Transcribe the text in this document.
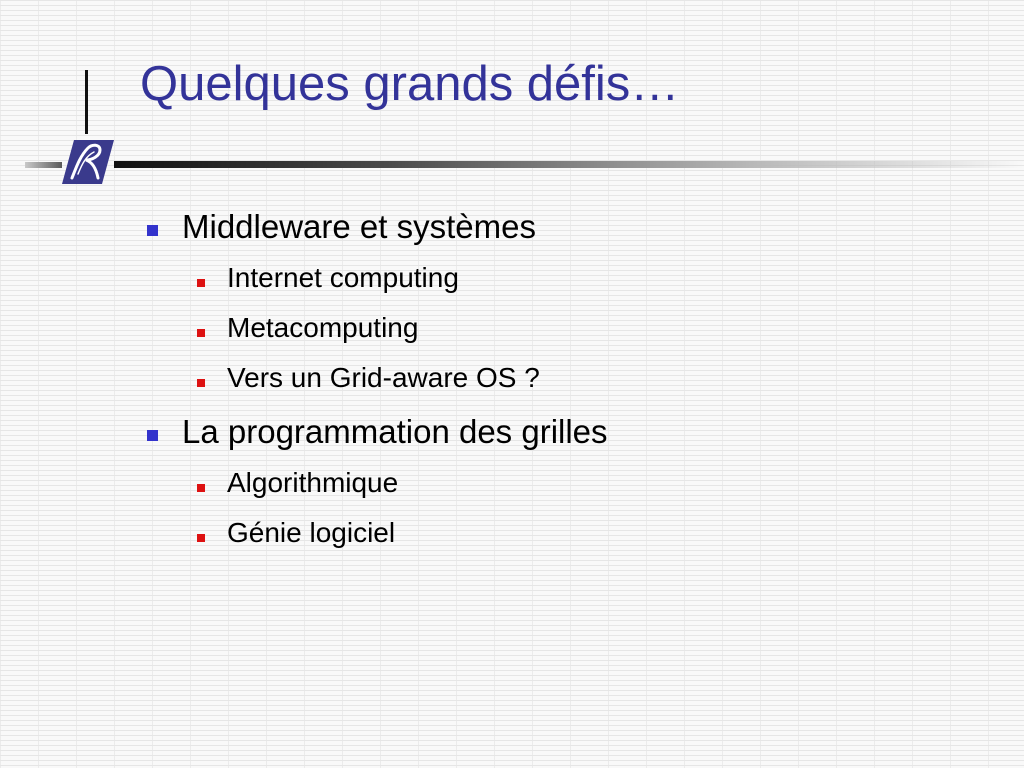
Quelques grands défis…
Middleware et systèmes
Internet computing
Metacomputing
Vers un Grid-aware OS ?
La programmation des grilles
Algorithmique
Génie logiciel
